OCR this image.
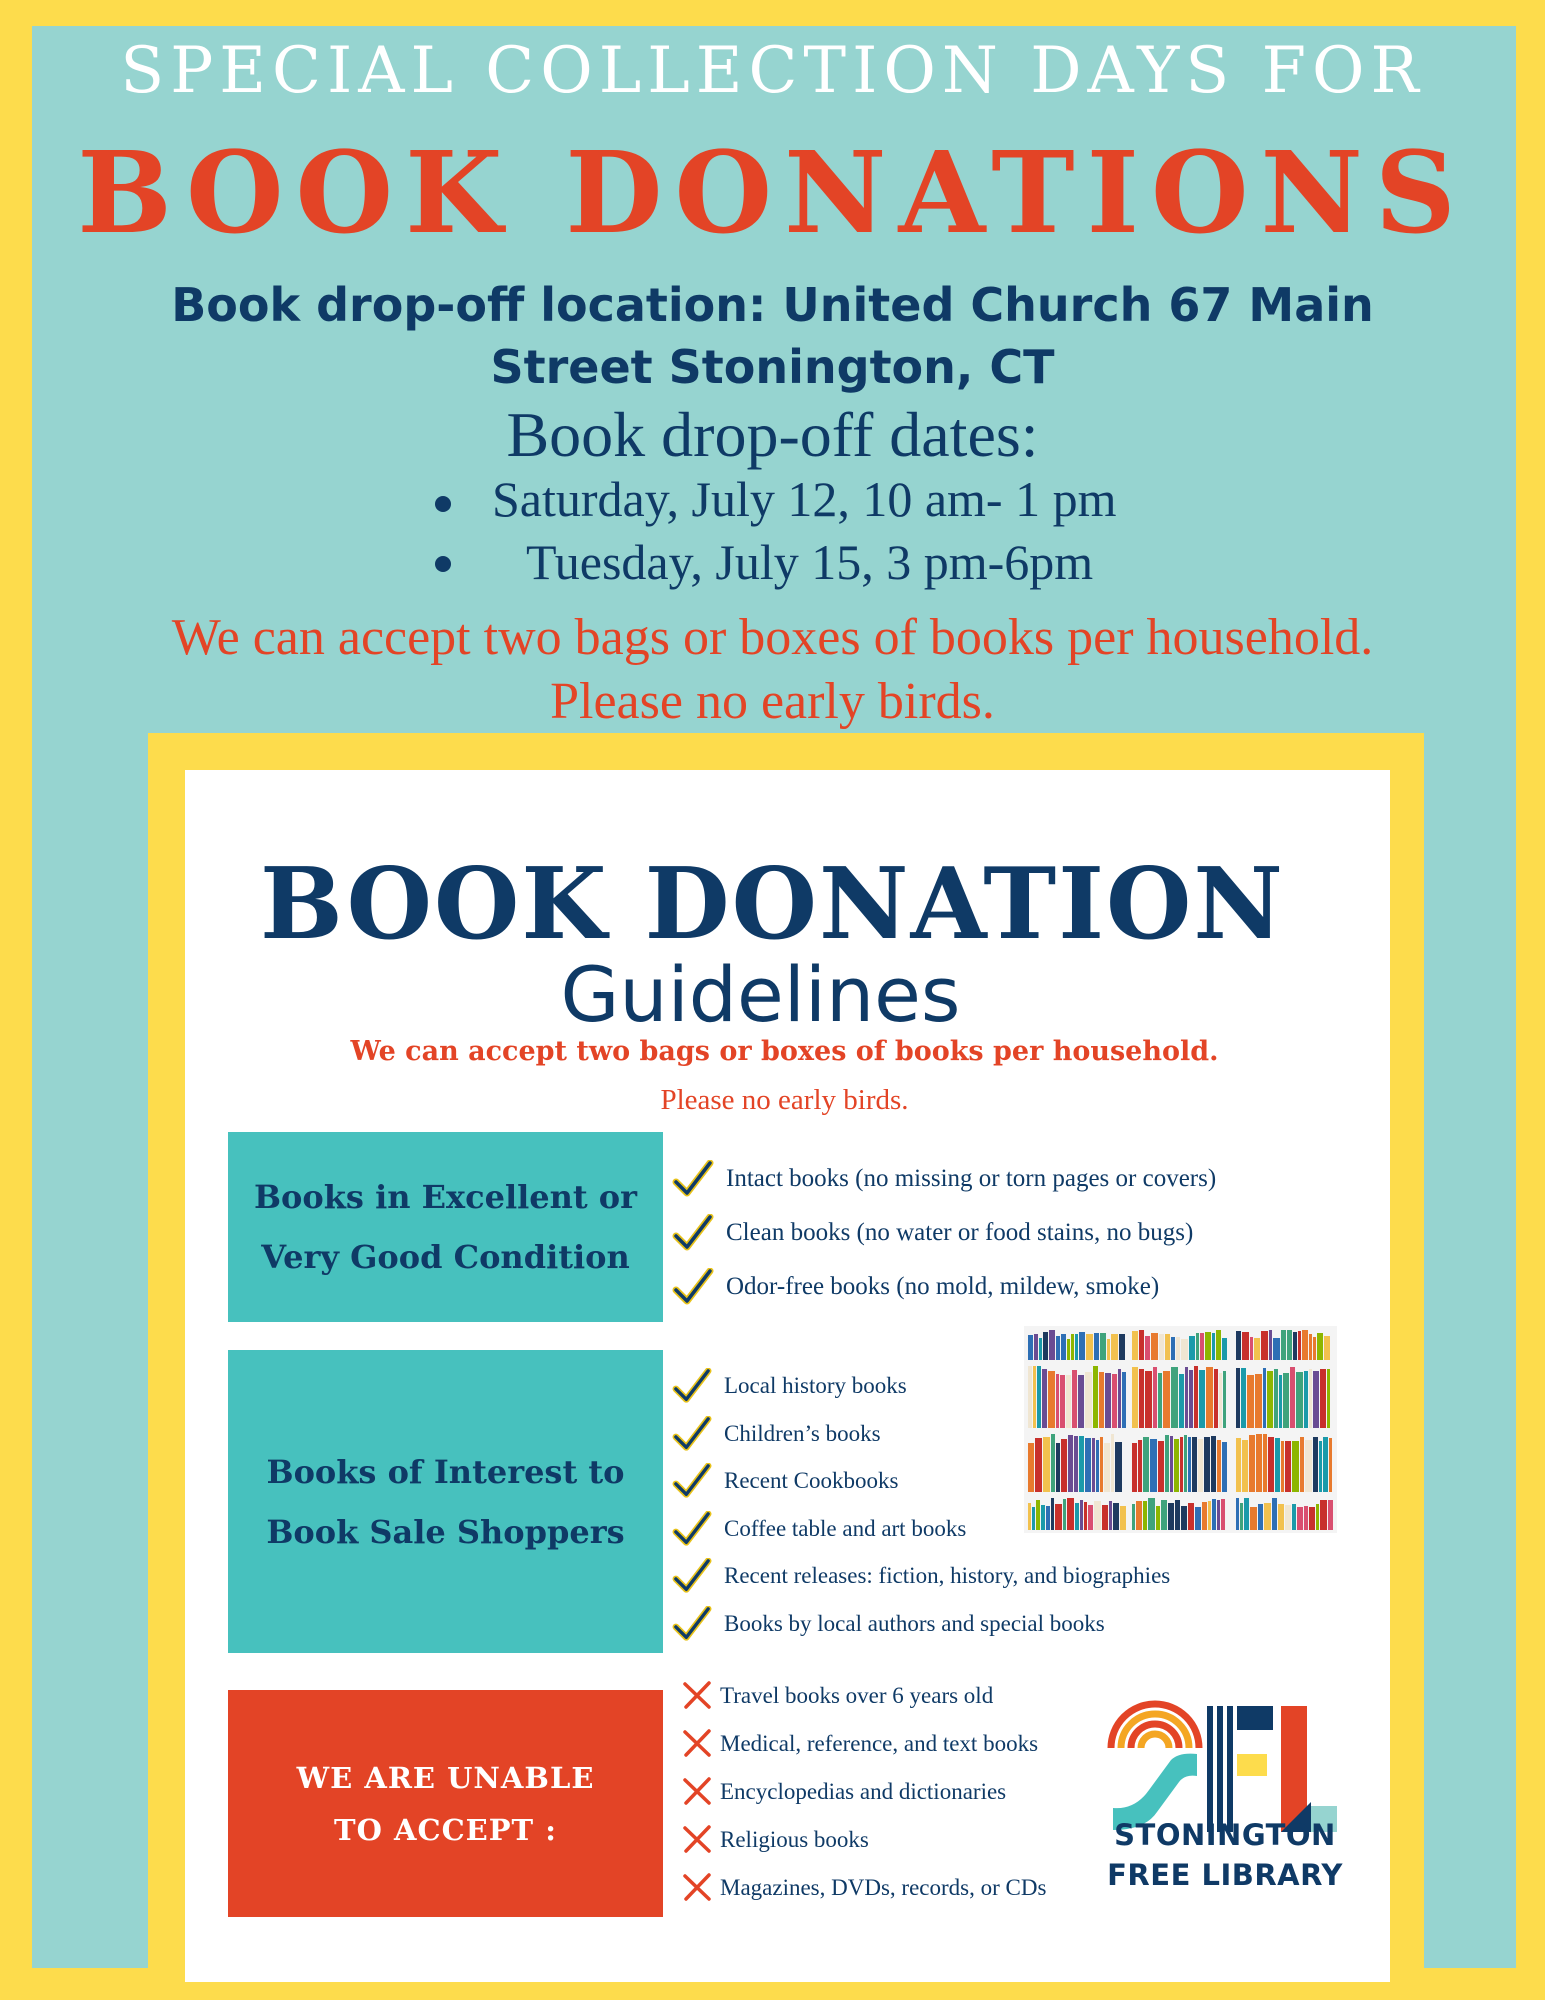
SPECIAL COLLECTION DAYS FOR
BOOK DONATIONS
Book drop-off location: United Church 67 Main
Street Stonington, CT
Book drop-off dates:
Saturday, July 12, 10 am- 1 pm
Tuesday, July 15, 3 pm-6pm
We can accept two bags or boxes of books per household.
Please no early birds.
BOOK DONATION
Guidelines
We can accept two bags or boxes of books per household.
Please no early birds.
Books in Excellent or
Very Good Condition
Intact books (no missing or torn pages or covers)
Clean books (no water or food stains, no bugs)
Odor-free books (no mold, mildew, smoke)
Books of Interest to
Book Sale Shoppers
Local history books
Children’s books
Recent Cookbooks
Coffee table and art books
Recent releases: fiction, history, and biographies
Books by local authors and special books
WE ARE UNABLE
TO ACCEPT :
Travel books over 6 years old
Medical, reference, and text books
Encyclopedias and dictionaries
Religious books
Magazines, DVDs, records, or CDs
STONINGTON
FREE LIBRARY
